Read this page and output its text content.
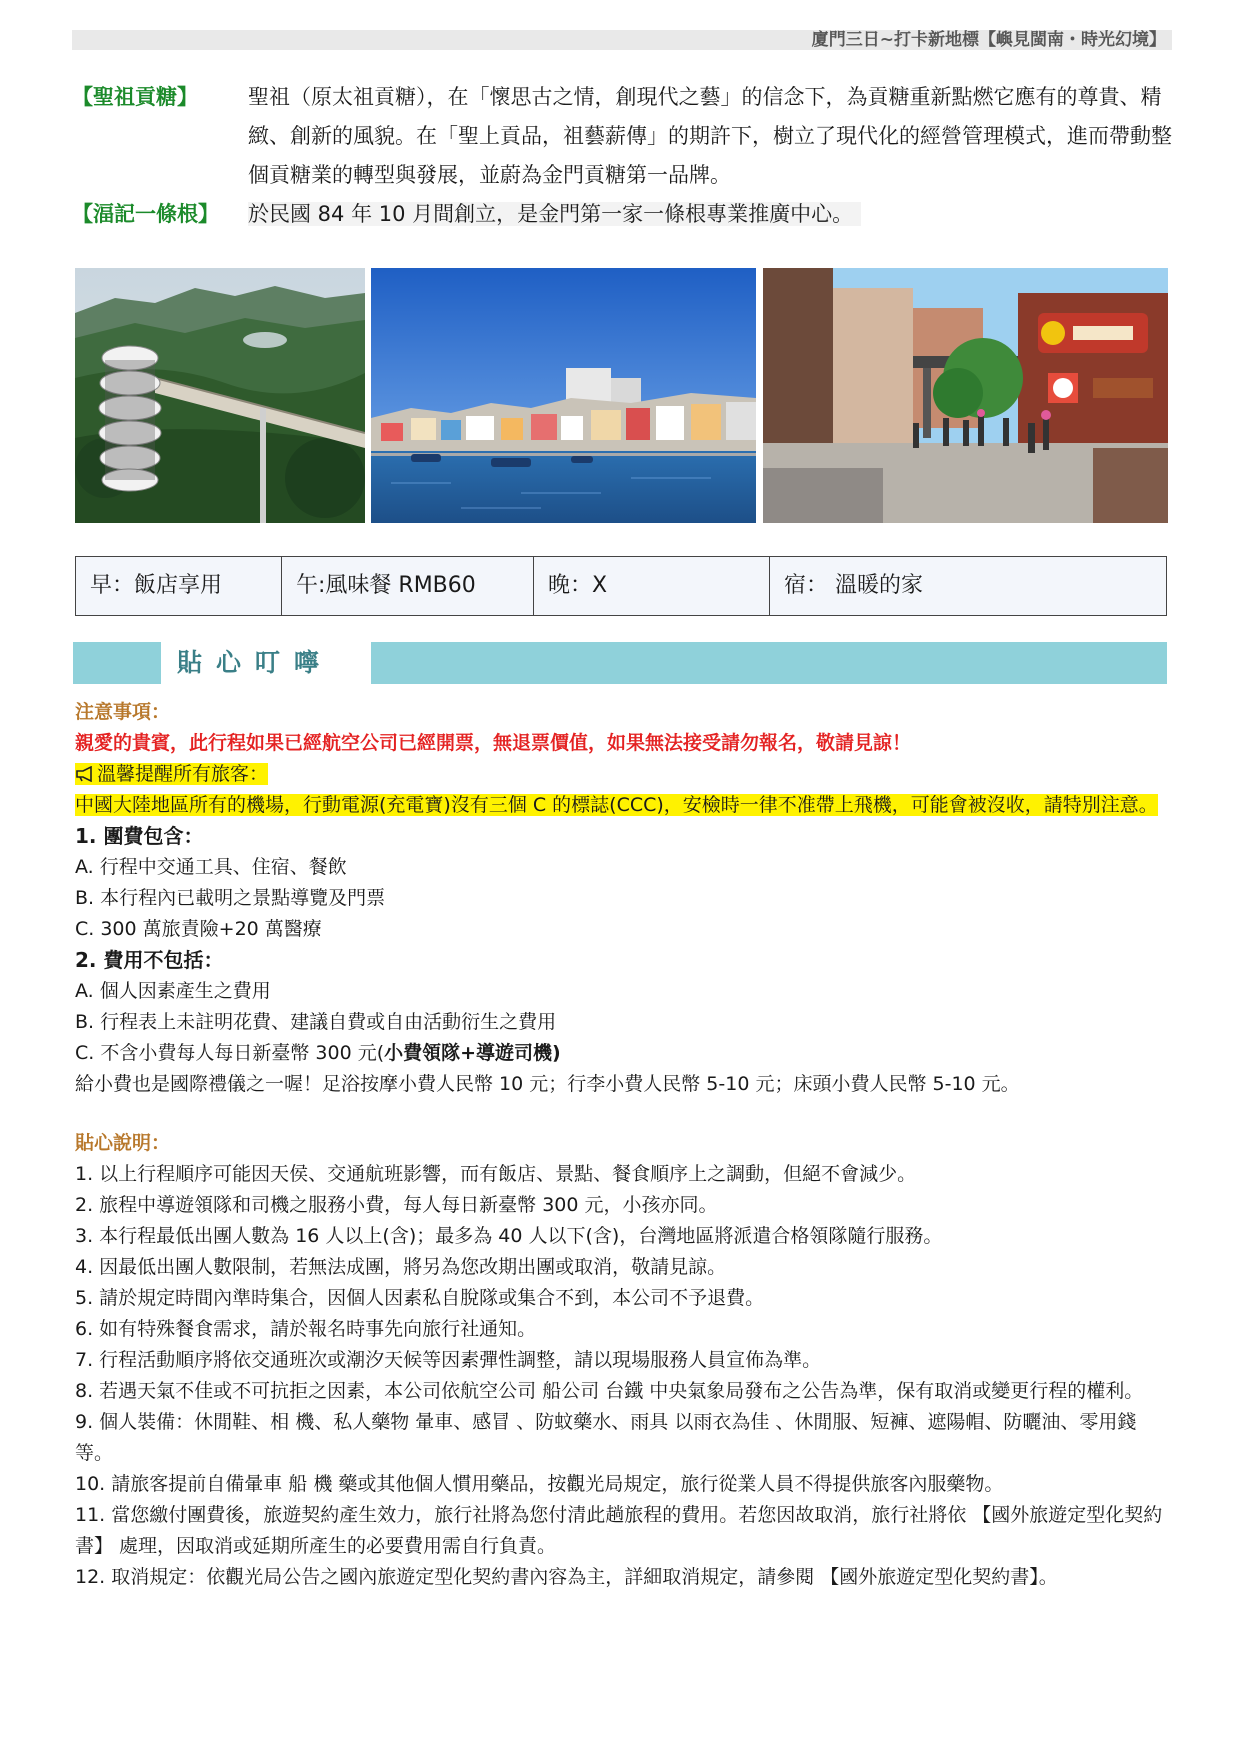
廈門三日~打卡新地標【嶼見閩南・時光幻境】
【聖祖貢糖】	聖祖（原太祖貢糖），在「懷思古之情，創現代之藝」的信念下，為貢糖重新點燃它應有的尊貴、精緻、創新的風貌。在「聖上貢品，祖藝薪傳」的期許下，樹立了現代化的經營管理模式，進而帶動整個貢糖業的轉型與發展，並蔚為金門貢糖第一品牌。
【湢記一條根】	於民國 84 年 10 月間創立，是金門第一家一條根專業推廣中心。
早：飯店享用	午:風味餐 RMB60	晚：X	宿： 溫暖的家
貼心叮嚀
注意事項：
親愛的貴賓，此行程如果已經航空公司已經開票，無退票價值，如果無法接受請勿報名，敬請見諒！
溫馨提醒所有旅客：
中國大陸地區所有的機場，行動電源(充電寶)沒有三個 C 的標誌(CCC)，安檢時一律不准帶上飛機，可能會被沒收，請特別注意。
1. 團費包含：
A. 行程中交通工具、住宿、餐飲
B. 本行程內已載明之景點導覽及門票
C. 300 萬旅責險+20 萬醫療
2. 費用不包括：
A. 個人因素產生之費用
B. 行程表上未註明花費、建議自費或自由活動衍生之費用
C. 不含小費每人每日新臺幣 300 元(小費領隊+導遊司機)
給小費也是國際禮儀之一喔！足浴按摩小費人民幣 10 元；行李小費人民幣 5-10 元；床頭小費人民幣 5-10 元。
貼心說明：
1. 以上行程順序可能因天侯、交通航班影響，而有飯店、景點、餐食順序上之調動，但絕不會減少。
2. 旅程中導遊領隊和司機之服務小費，每人每日新臺幣 300 元，小孩亦同。
3. 本行程最低出團人數為 16 人以上(含)；最多為 40 人以下(含)，台灣地區將派遣合格領隊隨行服務。
4. 因最低出團人數限制，若無法成團，將另為您改期出團或取消，敬請見諒。
5. 請於規定時間內準時集合，因個人因素私自脫隊或集合不到，本公司不予退費。
6. 如有特殊餐食需求，請於報名時事先向旅行社通知。
7. 行程活動順序將依交通班次或潮汐天候等因素彈性調整，請以現場服務人員宣佈為準。
8. 若遇天氣不佳或不可抗拒之因素，本公司依航空公司 船公司 台鐵 中央氣象局發布之公告為準，保有取消或變更行程的權利。
9. 個人裝備：休閒鞋、相 機、私人藥物 暈車、感冒 、防蚊藥水、雨具 以雨衣為佳 、休閒服、短褲、遮陽帽、防曬油、零用錢等。
10. 請旅客提前自備暈車 船 機 藥或其他個人慣用藥品，按觀光局規定，旅行從業人員不得提供旅客內服藥物。
11. 當您繳付團費後，旅遊契約產生效力，旅行社將為您付清此趟旅程的費用。若您因故取消，旅行社將依 【國外旅遊定型化契約書】 處理，因取消或延期所產生的必要費用需自行負責。
12. 取消規定：依觀光局公告之國內旅遊定型化契約書內容為主，詳細取消規定，請參閱 【國外旅遊定型化契約書】。
